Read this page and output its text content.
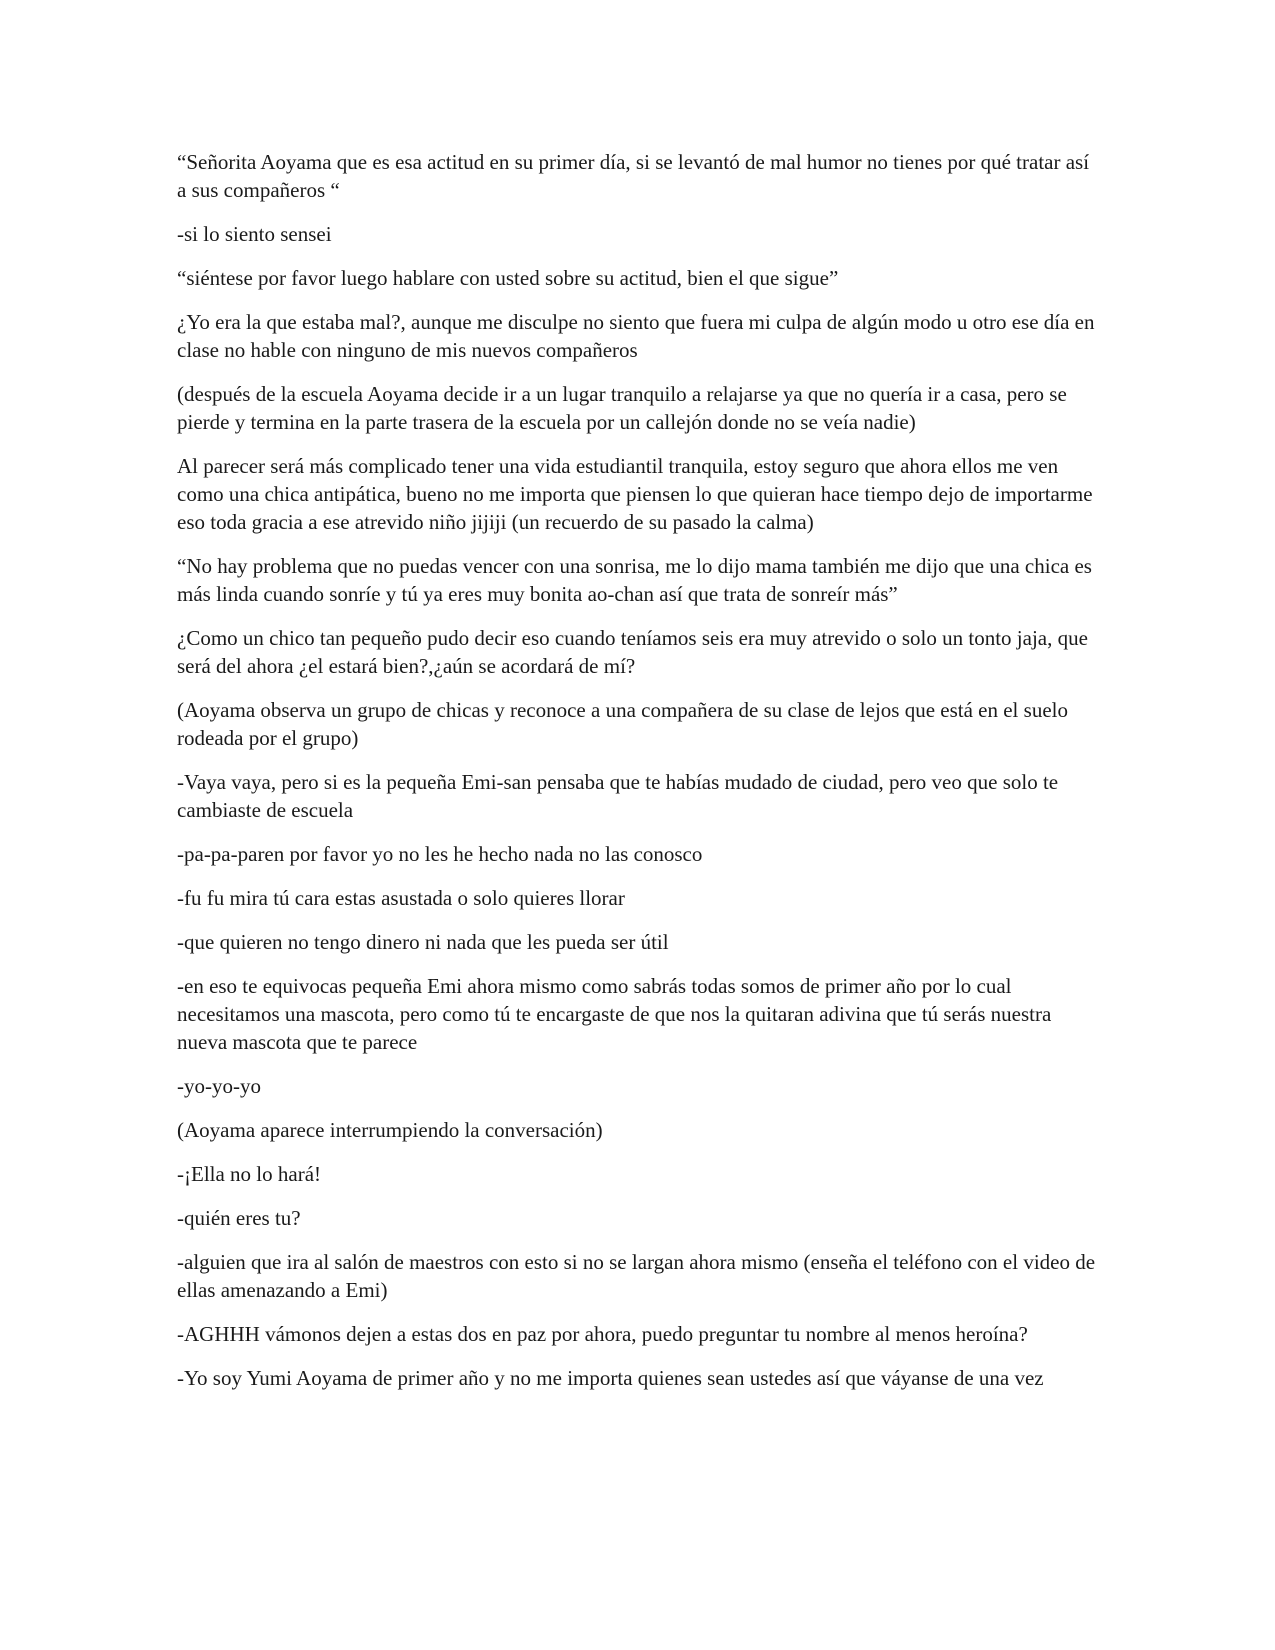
“Señorita Aoyama que es esa actitud en su primer día, si se levantó de mal humor no tienes por qué tratar así a sus compañeros “

-si lo siento sensei

“siéntese por favor luego hablare con usted sobre su actitud, bien el que sigue”

¿Yo era la que estaba mal?, aunque me disculpe no siento que fuera mi culpa de algún modo u otro ese día en clase no hable con ninguno de mis nuevos compañeros

(después de la escuela Aoyama decide ir a un lugar tranquilo a relajarse ya que no quería ir a casa, pero se pierde y termina en la parte trasera de la escuela por un callejón donde no se veía nadie)

Al parecer será más complicado tener una vida estudiantil tranquila, estoy seguro que ahora ellos me ven como una chica antipática, bueno no me importa que piensen lo que quieran hace tiempo dejo de importarme eso toda gracia a ese atrevido niño jijiji (un recuerdo de su pasado la calma)

“No hay problema que no puedas vencer con una sonrisa, me lo dijo mama también me dijo que una chica es más linda cuando sonríe y tú ya eres muy bonita ao-chan así que trata de sonreír más”

¿Como un chico tan pequeño pudo decir eso cuando teníamos seis era muy atrevido o solo un tonto jaja, que será del ahora ¿el estará bien?,¿aún se acordará de mí?

(Aoyama observa un grupo de chicas y reconoce a una compañera de su clase de lejos que está en el suelo rodeada por el grupo)

-Vaya vaya, pero si es la pequeña Emi-san pensaba que te habías mudado de ciudad, pero veo que solo te cambiaste de escuela

-pa-pa-paren por favor yo no les he hecho nada no las conosco

-fu fu mira tú cara estas asustada o solo quieres llorar

-que quieren no tengo dinero ni nada que les pueda ser útil

-en eso te equivocas pequeña Emi ahora mismo como sabrás todas somos de primer año por lo cual necesitamos una mascota, pero como tú te encargaste de que nos la quitaran adivina que tú serás nuestra nueva mascota que te parece

-yo-yo-yo

(Aoyama aparece interrumpiendo la conversación)

-¡Ella no lo hará!

-quién eres tu?

-alguien que ira al salón de maestros con esto si no se largan ahora mismo (enseña el teléfono con el video de ellas amenazando a Emi)

-AGHHH vámonos dejen a estas dos en paz por ahora, puedo preguntar tu nombre al menos heroína?

-Yo soy Yumi Aoyama de primer año y no me importa quienes sean ustedes así que váyanse de una vez
